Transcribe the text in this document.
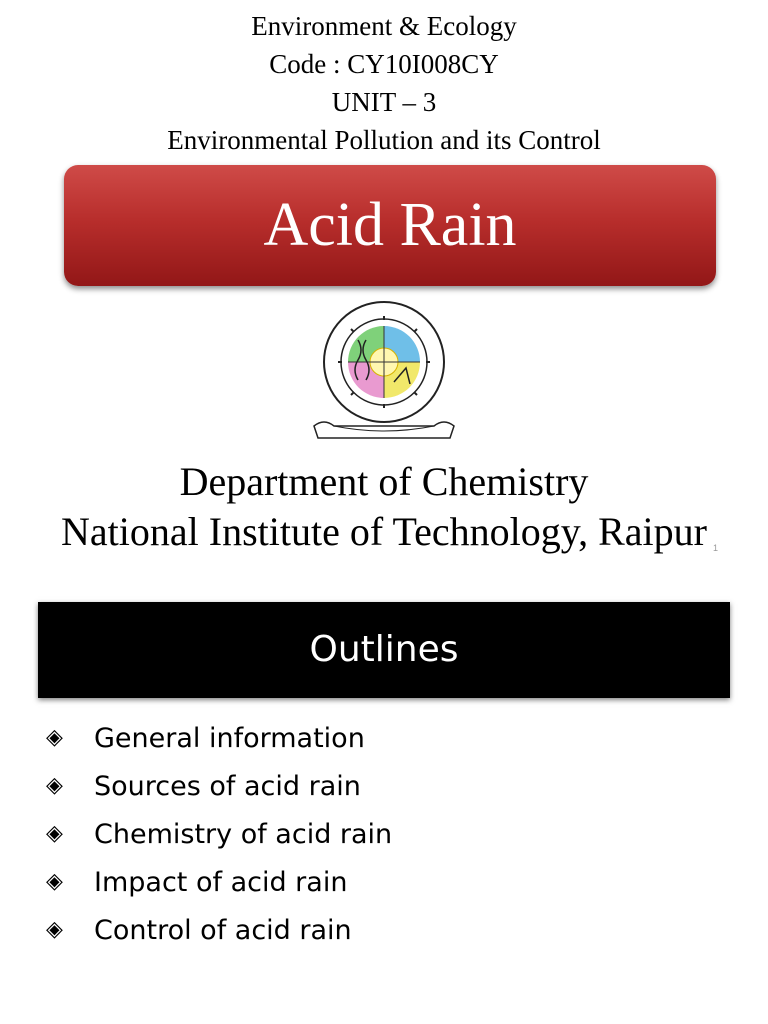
Environment & Ecology
Code : CY10I008CY
UNIT – 3
Environmental Pollution and its Control
Acid Rain
Department of Chemistry
National Institute of Technology, Raipur 1
Outlines
◈	General information
◈	Sources of acid rain
◈	Chemistry of acid rain
◈	Impact of acid rain
◈	Control of acid rain
